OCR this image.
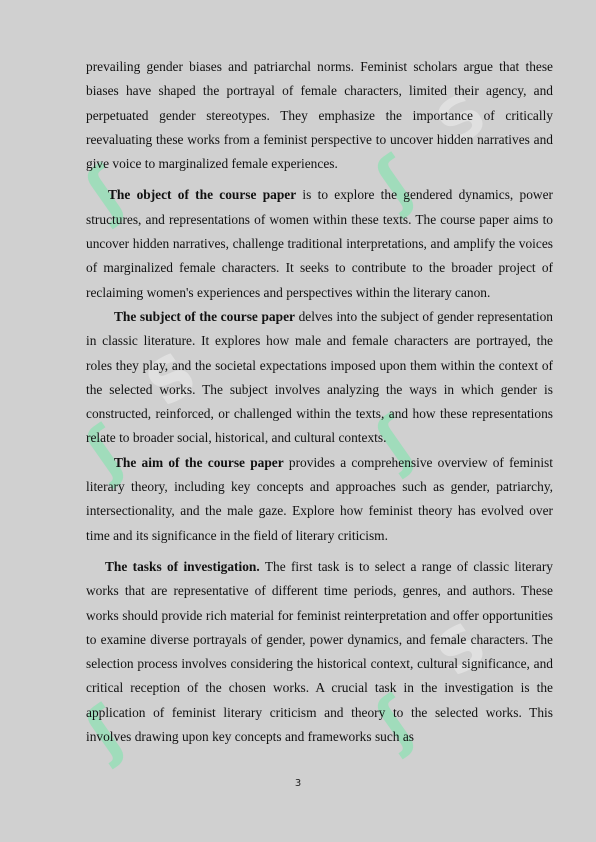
ʃ	ʃ
ʃ	ʃ
ʃ	ʃ
S
S
S

prevailing gender biases and patriarchal norms. Feminist scholars argue that these biases have shaped the portrayal of female characters, limited their agency, and perpetuated gender stereotypes. They emphasize the importance of critically reevaluating these works from a feminist perspective to uncover hidden narratives and give voice to marginalized female experiences.

The object of the course paper is to explore the gendered dynamics, power structures, and representations of women within these texts. The course paper aims to uncover hidden narratives, challenge traditional interpretations, and amplify the voices of marginalized female characters. It seeks to contribute to the broader project of reclaiming women's experiences and perspectives within the literary canon.

The subject of the course paper delves into the subject of gender representation in classic literature. It explores how male and female characters are portrayed, the roles they play, and the societal expectations imposed upon them within the context of the selected works. The subject involves analyzing the ways in which gender is constructed, reinforced, or challenged within the texts, and how these representations relate to broader social, historical, and cultural contexts.

The aim of the course paper provides a comprehensive overview of feminist literary theory, including key concepts and approaches such as gender, patriarchy, intersectionality, and the male gaze. Explore how feminist theory has evolved over time and its significance in the field of literary criticism.

The tasks of investigation. The first task is to select a range of classic literary works that are representative of different time periods, genres, and authors. These works should provide rich material for feminist reinterpretation and offer opportunities to examine diverse portrayals of gender, power dynamics, and female characters. The selection process involves considering the historical context, cultural significance, and critical reception of the chosen works. A crucial task in the investigation is the application of feminist literary criticism and theory to the selected works. This involves drawing upon key concepts and frameworks such as

3
